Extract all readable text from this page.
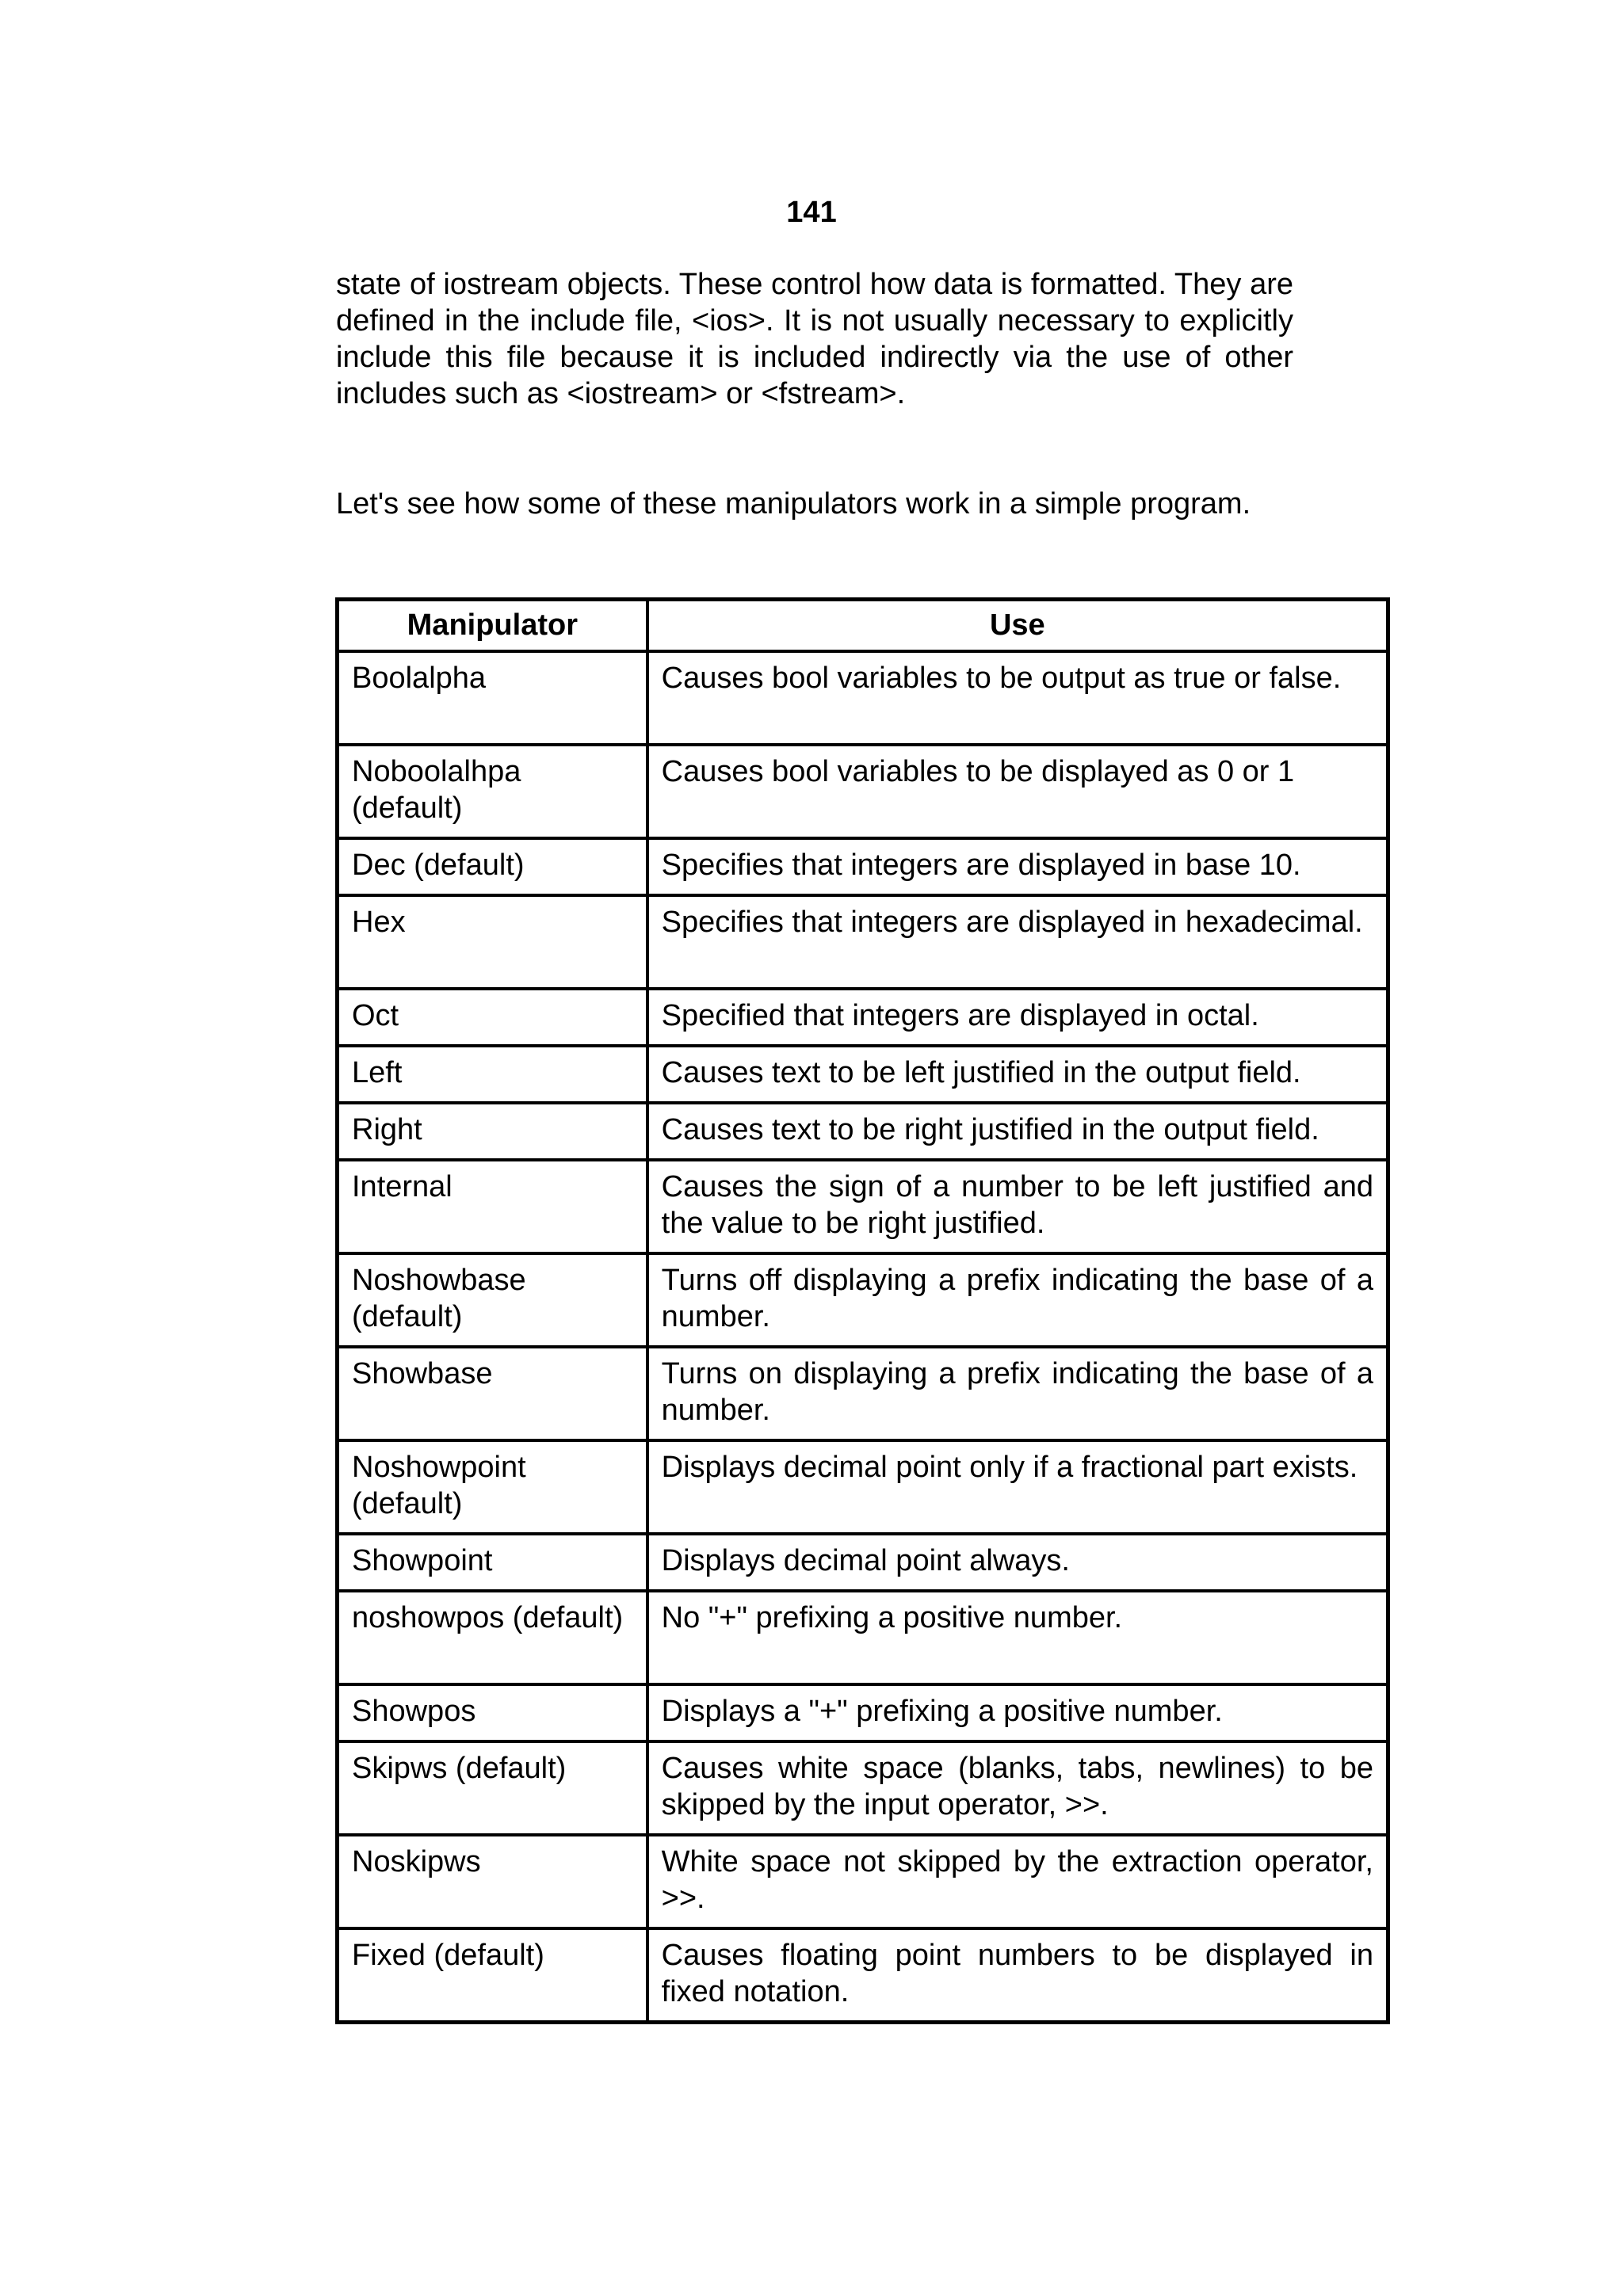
141

state of iostream objects. These control how data is formatted. They are defined in the include file, <ios>. It is not usually necessary to explicitly include this file because it is included indirectly via the use of other includes such as <iostream> or <fstream>.

Let's see how some of these manipulators work in a simple program.

Manipulator	Use
Boolalpha	Causes bool variables to be output as true or false.
Noboolalhpa (default)	Causes bool variables to be displayed as 0 or 1
Dec (default)	Specifies that integers are displayed in base 10.
Hex	Specifies that integers are displayed in hexadecimal.
Oct	Specified that integers are displayed in octal.
Left	Causes text to be left justified in the output field.
Right	Causes text to be right justified in the output field.
Internal	Causes the sign of a number to be left justified and the value to be right justified.
Noshowbase (default)	Turns off displaying a prefix indicating the base of a number.
Showbase	Turns on displaying a prefix indicating the base of a number.
Noshowpoint (default)	Displays decimal point only if a fractional part exists.
Showpoint	Displays decimal point always.
noshowpos (default)	No "+" prefixing a positive number.
Showpos	Displays a "+" prefixing a positive number.
Skipws (default)	Causes white space (blanks, tabs, newlines) to be skipped by the input operator, >>.
Noskipws	White space not skipped by the extraction operator, >>.
Fixed (default)	Causes floating point numbers to be displayed in fixed notation.
